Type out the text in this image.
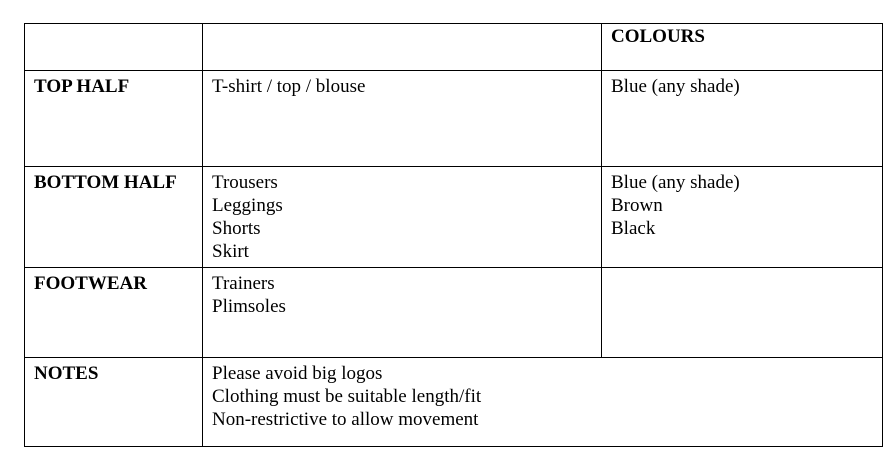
		COLOURS

TOP HALF	T-shirt / top / blouse	Blue (any shade)

BOTTOM HALF	Trousers
Leggings
Shorts
Skirt	Blue (any shade)
Brown
Black

FOOTWEAR	Trainers
Plimsoles	

NOTES	Please avoid big logos
Clothing must be suitable length/fit
Non-restrictive to allow movement	
